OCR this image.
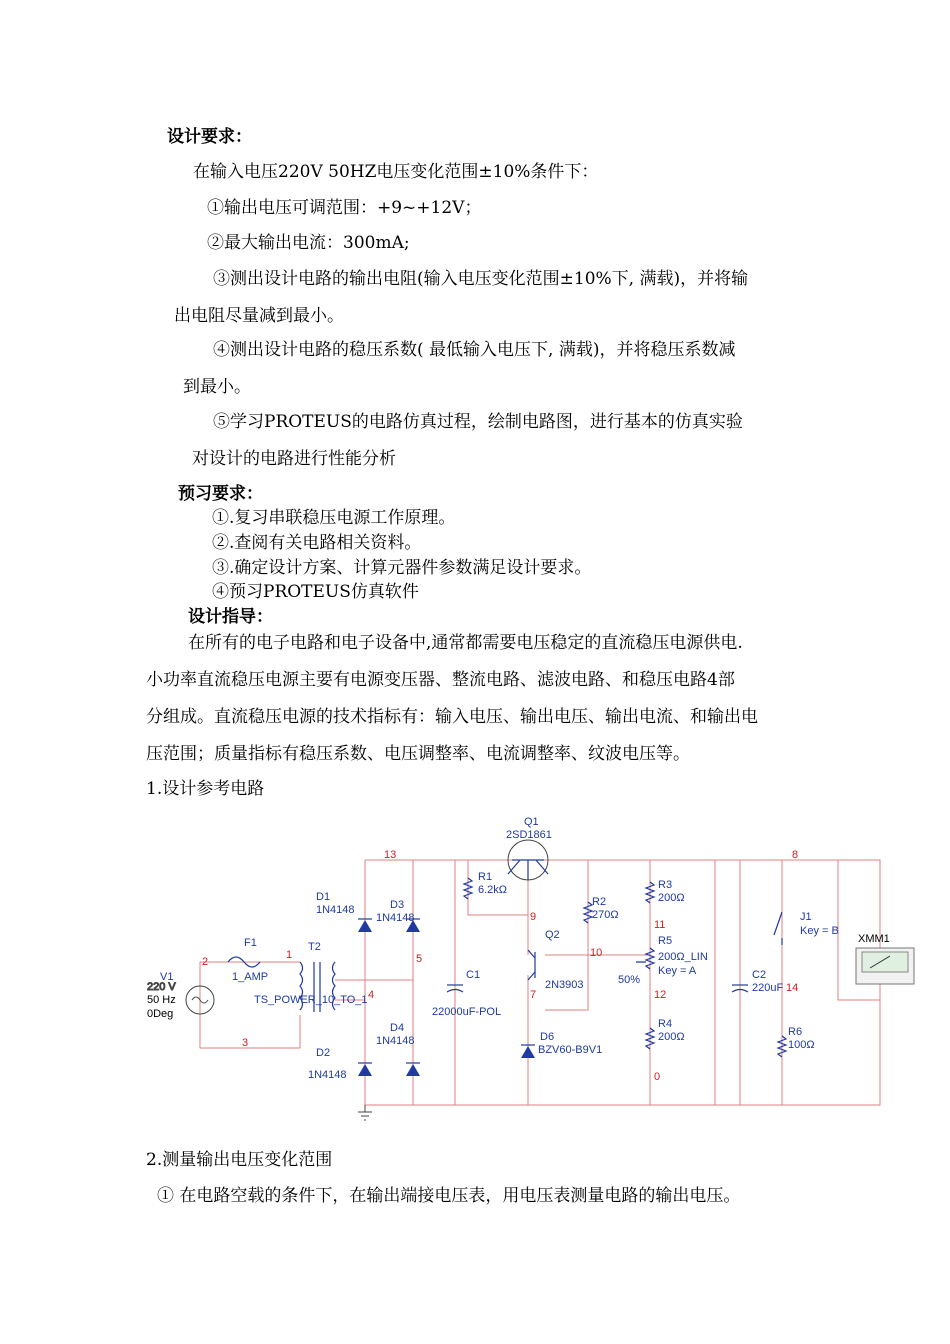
设计要求：
在输入电压220V 50HZ电压变化范围±10%条件下：
①输出电压可调范围：+9~+12V；
②最大输出电流：300mA;
③测出设计电路的输出电阻(输入电压变化范围±10%下, 满载)，并将输
出电阻尽量减到最小。
④测出设计电路的稳压系数( 最低输入电压下, 满载)，并将稳压系数减
到最小。
⑤学习PROTEUS的电路仿真过程，绘制电路图，进行基本的仿真实验
对设计的电路进行性能分析
预习要求：
①.复习串联稳压电源工作原理。
②.查阅有关电路相关资料。
③.确定设计方案、计算元器件参数满足设计要求。
④预习PROTEUS仿真软件
设计指导：
在所有的电子电路和电子设备中,通常都需要电压稳定的直流稳压电源供电.
小功率直流稳压电源主要有电源变压器、整流电路、滤波电路、和稳压电路4部
分组成。直流稳压电源的技术指标有：输入电压、输出电压、输出电流、和输出电
压范围；质量指标有稳压系数、电压调整率、电流调整率、纹波电压等。
1.设计参考电路
V1
220 V
50 Hz
0Deg
F1
1_AMP
T2
TS_POWER_10_TO_1
D1
1N4148	D3
1N4148
D2
1N4148
D4
1N4148
C1
22000uF-POL
R1
6.2kΩ
Q1
2SD1861
Q2
2N3903
R2
270Ω
D6
BZV60-B9V1
R3
200Ω
R5
200Ω_LIN
Key = A
50%
R4
200Ω
C2
220uF
J1
Key = B
R6
100Ω
XMM1
13	8
2
1	5
4
3
9
10
7
11
12
0
14
2.测量输出电压变化范围
① 在电路空载的条件下，在输出端接电压表，用电压表测量电路的输出电压。
